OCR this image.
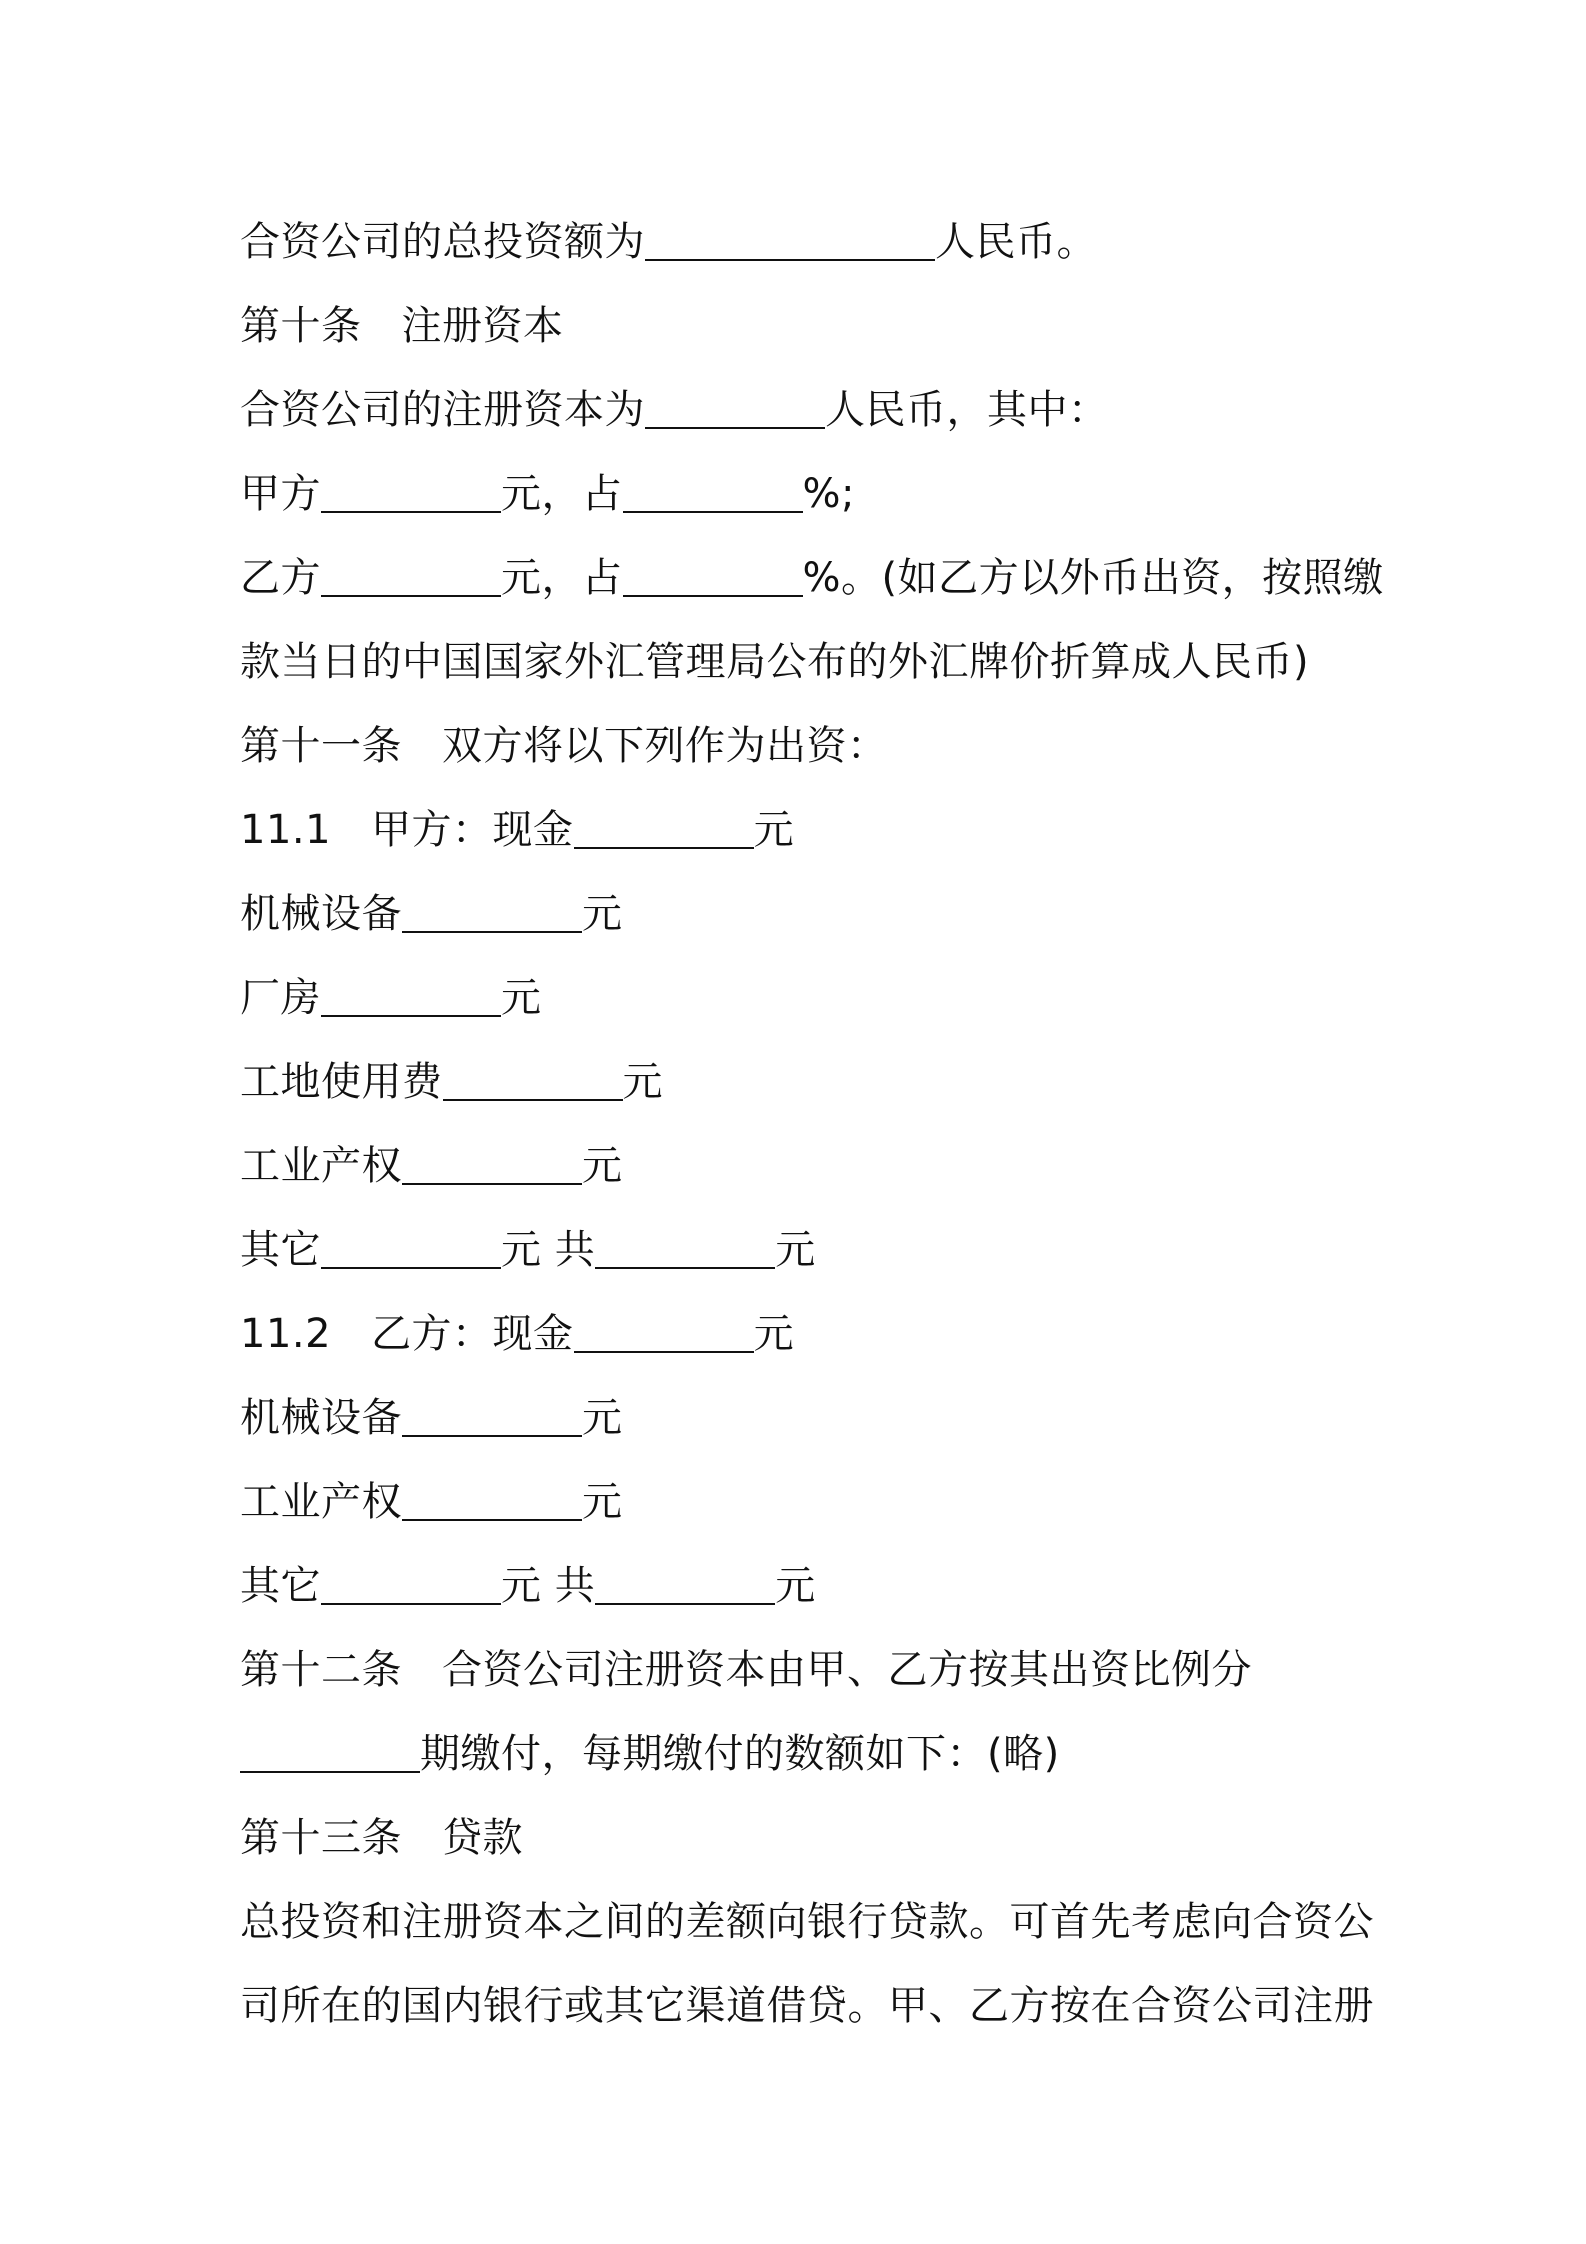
合资公司的总投资额为	人民币。
第十条 注册资本
合资公司的注册资本为	人民币，其中：
甲方	元，占	%;
乙方	元，占	%。(如乙方以外币出资，按照缴
款当日的中国国家外汇管理局公布的外汇牌价折算成人民币)
第十一条 双方将以下列作为出资：
11.1 甲方：现金	元
机械设备	元
厂房	元
工地使用费	元
工业产权	元
其它	元 共	元
11.2 乙方：现金	元
机械设备	元
工业产权	元
其它	元 共	元
第十二条 合资公司注册资本由甲、乙方按其出资比例分
期缴付，每期缴付的数额如下：(略)
第十三条 贷款
总投资和注册资本之间的差额向银行贷款。可首先考虑向合资公
司所在的国内银行或其它渠道借贷。甲、乙方按在合资公司注册
